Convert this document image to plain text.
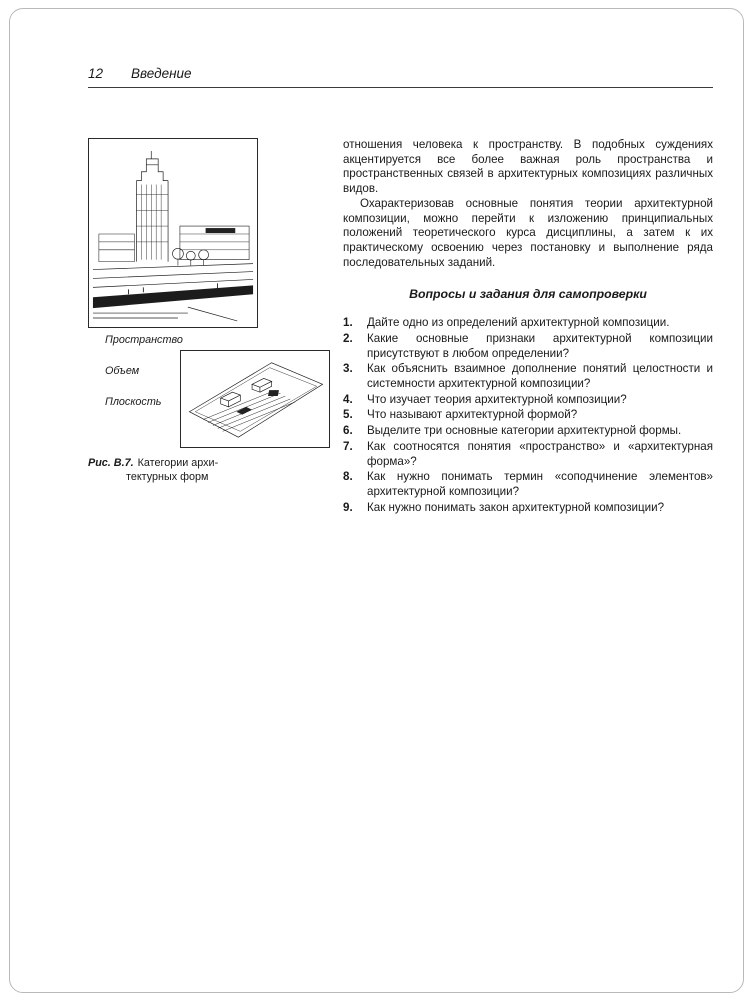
12 Введение
Пространство
Объем
Плоскость
Рис. В.7. Категории архи-
тектурных форм

отношения человека к пространству. В подобных суждениях акцентируется все более важная роль пространства и пространственных связей в архитектурных композициях различных видов.

Охарактеризовав основные понятия теории архитектурной композиции, можно перейти к изложению принципиальных положений теоретического курса дисциплины, а затем к их практическому освоению через постановку и выполнение ряда последовательных заданий.

Вопросы и задания для самопроверки
1.	Дайте одно из определений архитектурной композиции.
2.	Какие основные признаки архитектурной композиции присутствуют в любом определении?
3.	Как объяснить взаимное дополнение понятий целостности и системности архитектурной композиции?
4.	Что изучает теория архитектурной композиции?
5.	Что называют архитектурной формой?
6.	Выделите три основные категории архитектурной формы.
7.	Как соотносятся понятия «пространство» и «архитектурная форма»?
8.	Как нужно понимать термин «соподчинение элементов» архитектурной композиции?
9.	Как нужно понимать закон архитектурной композиции?
